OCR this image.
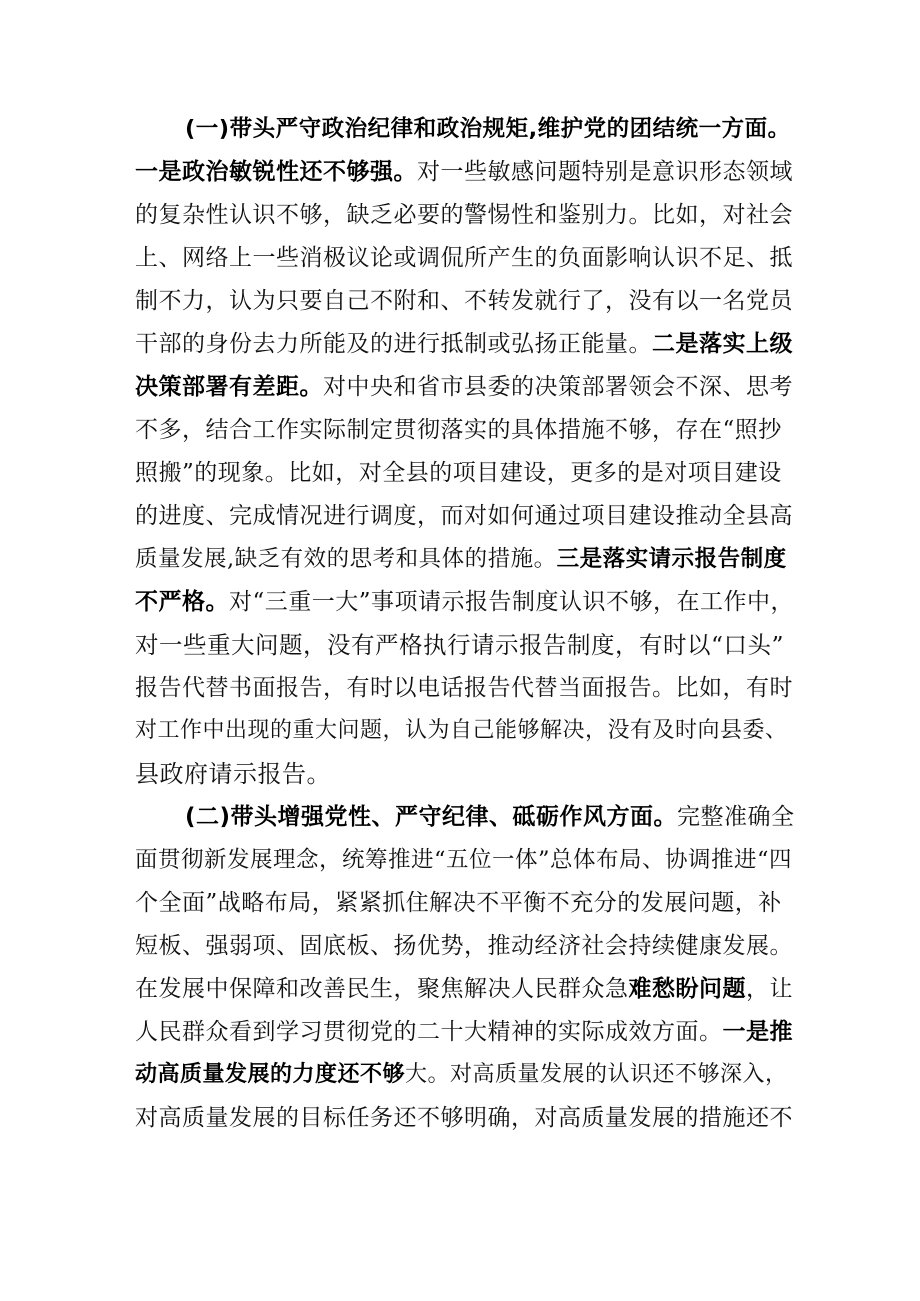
(一)带头严守政治纪律和政治规矩,维护党的团结统一方面。
一是政治敏锐性还不够强。对一些敏感问题特别是意识形态领域
的复杂性认识不够，缺乏必要的警惕性和鉴别力。比如，对社会
上、网络上一些消极议论或调侃所产生的负面影响认识不足、抵
制不力，认为只要自己不附和、不转发就行了，没有以一名党员
干部的身份去力所能及的进行抵制或弘扬正能量。二是落实上级
决策部署有差距。对中央和省市县委的决策部署领会不深、思考
不多，结合工作实际制定贯彻落实的具体措施不够，存在“照抄
照搬”的现象。比如，对全县的项目建设，更多的是对项目建设
的进度、完成情况进行调度，而对如何通过项目建设推动全县高
质量发展,缺乏有效的思考和具体的措施。三是落实请示报告制度
不严格。对“三重一大”事项请示报告制度认识不够，在工作中，
对一些重大问题，没有严格执行请示报告制度，有时以“口头”
报告代替书面报告，有时以电话报告代替当面报告。比如，有时
对工作中出现的重大问题，认为自己能够解决，没有及时向县委、
县政府请示报告。
(二)带头增强党性、严守纪律、砥砺作风方面。完整准确全
面贯彻新发展理念，统筹推进“五位一体”总体布局、协调推进“四
个全面”战略布局，紧紧抓住解决不平衡不充分的发展问题，补
短板、强弱项、固底板、扬优势，推动经济社会持续健康发展。
在发展中保障和改善民生，聚焦解决人民群众急难愁盼问题，让
人民群众看到学习贯彻党的二十大精神的实际成效方面。一是推
动高质量发展的力度还不够大。对高质量发展的认识还不够深入，
对高质量发展的目标任务还不够明确，对高质量发展的措施还不
